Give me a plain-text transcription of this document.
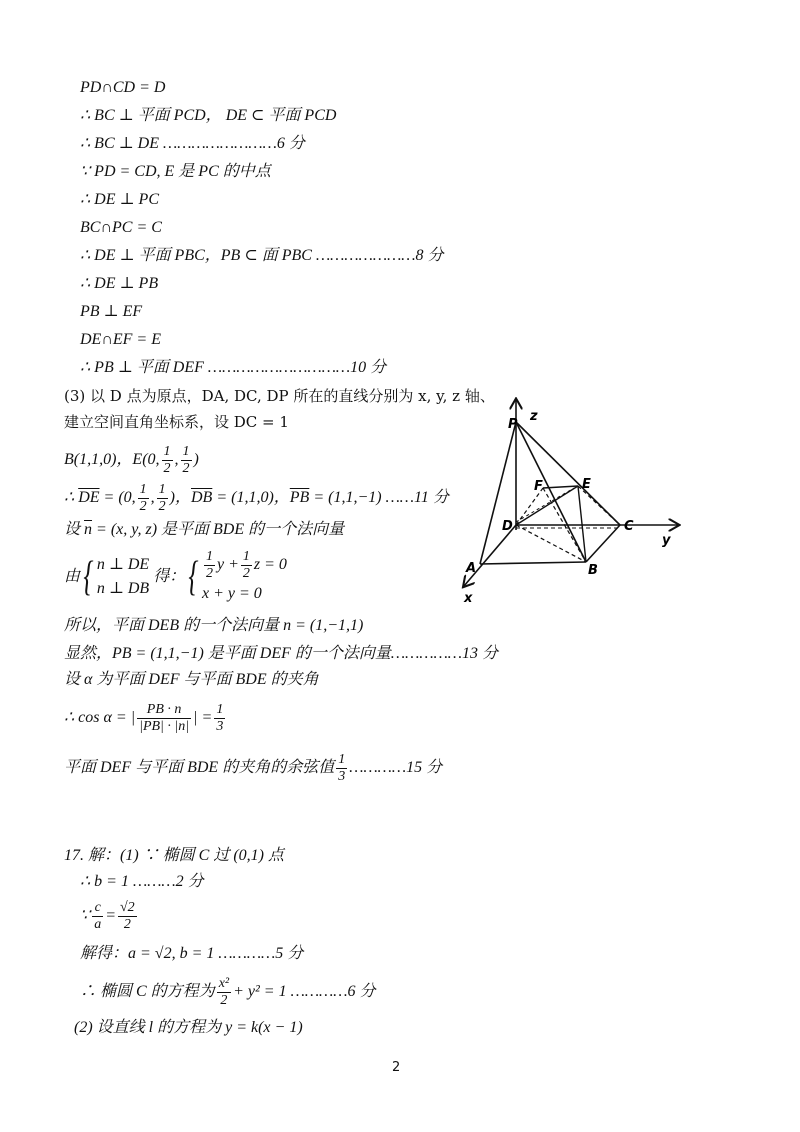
PD∩CD = D
∴ BC ⊥ 平面 PCD， DE ⊂ 平面 PCD
∴ BC ⊥ DE ……………………6 分
∵ PD = CD, E 是 PC 的中点
∴ DE ⊥ PC
BC∩PC = C
∴ DE ⊥ 平面 PBC，PB ⊂ 面 PBC …………………8 分
∴ DE ⊥ PB
PB ⊥ EF
DE∩EF = E
∴ PB ⊥ 平面 DEF …………………………10 分
(3) 以 D 点为原点，DA, DC, DP 所在的直线分别为 x, y, z 轴、
建立空间直角坐标系，设 DC = 1
B(1,1,0)，E(0, $\frac{1}{2}$ , $\frac{1}{2}$ )
∴ $\overline{DE} = (0$, $\frac{1}{2}$ , $\frac{1}{2}$ )，$\overline{DB} = (1,1,0)$，$\overline{PB} = (1,1,-1)$ ……11 分
设 $\overline{n} = (x$, y, z) 是平面 BDE 的一个法向量
由{ n ⊥ DE
n ⊥ DB
得：{ $\frac{1}{2}$ $y + \frac{1}{2}$ z = 0
x + y = 0
所以，平面 DEB 的一个法向量 n = (1,−1,1)
显然，PB = (1,1,−1) 是平面 DEF 的一个法向量……………13 分
设 α 为平面 DEF 与平面 BDE 的夹角
∴ cos α = | $\frac{PB \cdot n}{|PB| \cdot |n|}$ | = $\frac{1}{3}$
平面 DEF 与平面 BDE 的夹角的余弦值 $\frac{1}{3}$ …………15 分
17. 解：(1) ∵ 椭圆 C 过 (0,1) 点
∴ b = 1 ………2 分
∵ $\frac{c}{a} = \frac{√2}{2}$
解得：a = √2, b = 1 …………5 分
∴ 椭圆 C 的方程为 $\frac{\text{x²}}{2} + y^2 = 1$ …………6 分
(2) 设直线 l 的方程为 y = k(x − 1)
2
z
P
F	E
D	C
y
A	B
x
